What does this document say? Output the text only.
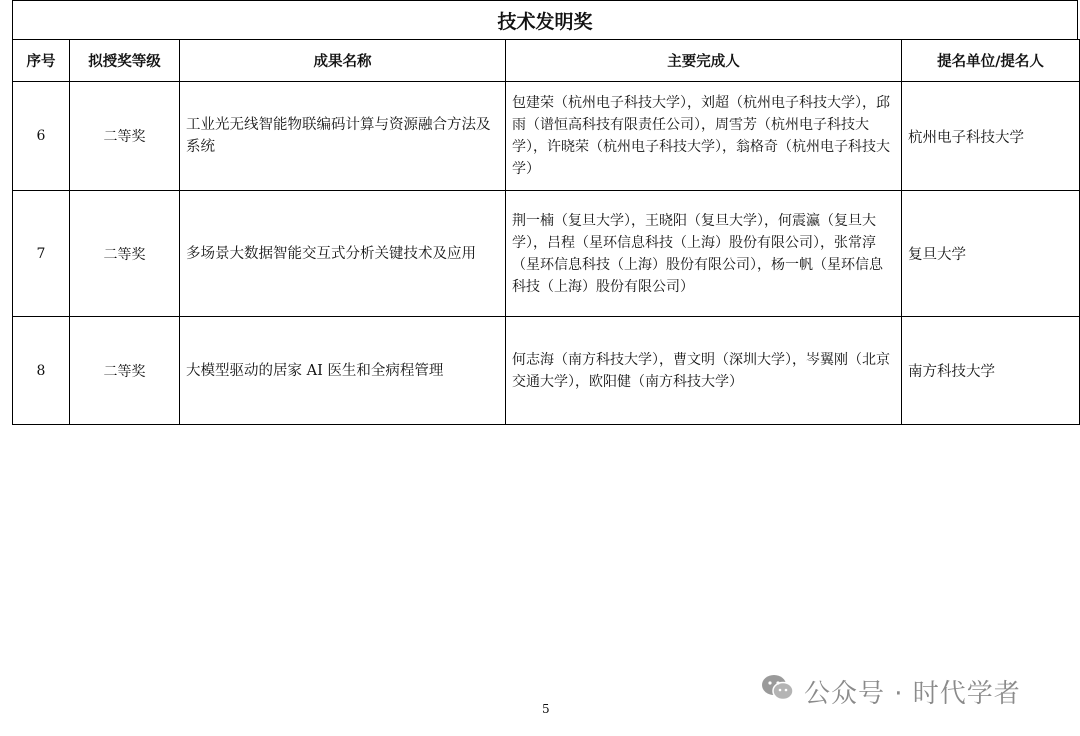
技术发明奖
序号	拟授奖等级	成果名称	主要完成人	提名单位/提名人
6	二等奖	工业光无线智能物联编码计算与资源融合方法及系统	包建荣（杭州电子科技大学），刘超（杭州电子科技大学），邱雨（谱恒高科技有限责任公司），周雪芳（杭州电子科技大学），许晓荣（杭州电子科技大学），翁格奇（杭州电子科技大学）	杭州电子科技大学
7	二等奖	多场景大数据智能交互式分析关键技术及应用	荆一楠（复旦大学），王晓阳（复旦大学），何震瀛（复旦大学），吕程（星环信息科技（上海）股份有限公司），张常淳（星环信息科技（上海）股份有限公司），杨一帆（星环信息科技（上海）股份有限公司）	复旦大学
8	二等奖	大模型驱动的居家 AI 医生和全病程管理	何志海（南方科技大学），曹文明（深圳大学），岑翼刚（北京交通大学），欧阳健（南方科技大学）	南方科技大学
5
公众号 · 时代学者
